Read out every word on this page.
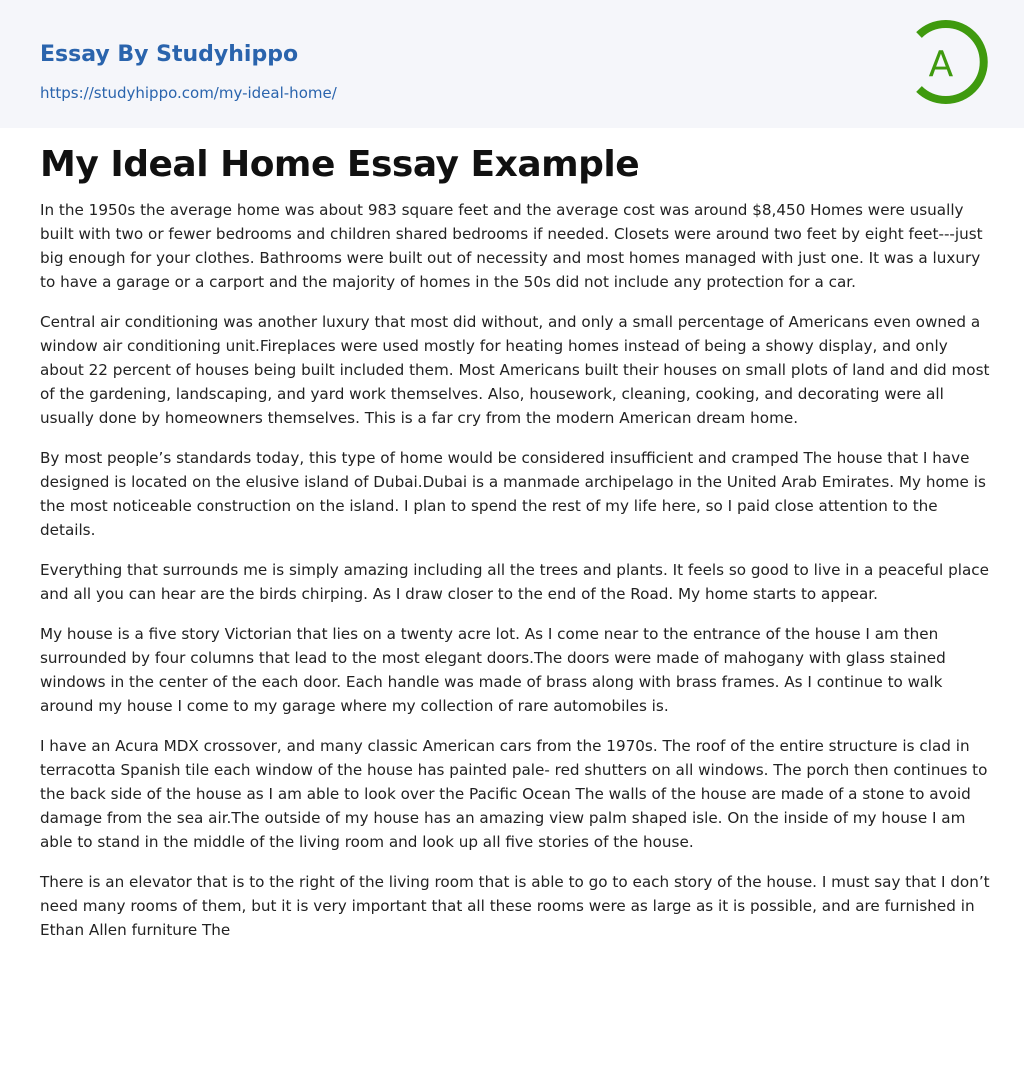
Essay By Studyhippo
https://studyhippo.com/my-ideal-home/
A
My Ideal Home Essay Example

In the 1950s the average home was about 983 square feet and the average cost was around $8,450 Homes were usually built with two or fewer bedrooms and children shared bedrooms if needed. Closets were around two feet by eight feet---just big enough for your clothes. Bathrooms were built out of necessity and most homes managed with just one. It was a luxury to have a garage or a carport and the majority of homes in the 50s did not include any protection for a car.

Central air conditioning was another luxury that most did without, and only a small percentage of Americans even owned a window air conditioning unit.Fireplaces were used mostly for heating homes instead of being a showy display, and only about 22 percent of houses being built included them. Most Americans built their houses on small plots of land and did most of the gardening, landscaping, and yard work themselves. Also, housework, cleaning, cooking, and decorating were all usually done by homeowners themselves. This is a far cry from the modern American dream home.

By most people’s standards today, this type of home would be considered insufficient and cramped The house that I have designed is located on the elusive island of Dubai.Dubai is a manmade archipelago in the United Arab Emirates. My home is the most noticeable construction on the island. I plan to spend the rest of my life here, so I paid close attention to the details.

Everything that surrounds me is simply amazing including all the trees and plants. It feels so good to live in a peaceful place and all you can hear are the birds chirping. As I draw closer to the end of the Road. My home starts to appear.

My house is a five story Victorian that lies on a twenty acre lot. As I come near to the entrance of the house I am then surrounded by four columns that lead to the most elegant doors.The doors were made of mahogany with glass stained windows in the center of the each door. Each handle was made of brass along with brass frames. As I continue to walk around my house I come to my garage where my collection of rare automobiles is.

I have an Acura MDX crossover, and many classic American cars from the 1970s. The roof of the entire structure is clad in terracotta Spanish tile each window of the house has painted pale- red shutters on all windows. The porch then continues to the back side of the house as I am able to look over the Pacific Ocean The walls of the house are made of a stone to avoid damage from the sea air.The outside of my house has an amazing view palm shaped isle. On the inside of my house I am able to stand in the middle of the living room and look up all five stories of the house.

There is an elevator that is to the right of the living room that is able to go to each story of the house. I must say that I don’t need many rooms of them, but it is very important that all these rooms were as large as it is possible, and are furnished in Ethan Allen furniture The
